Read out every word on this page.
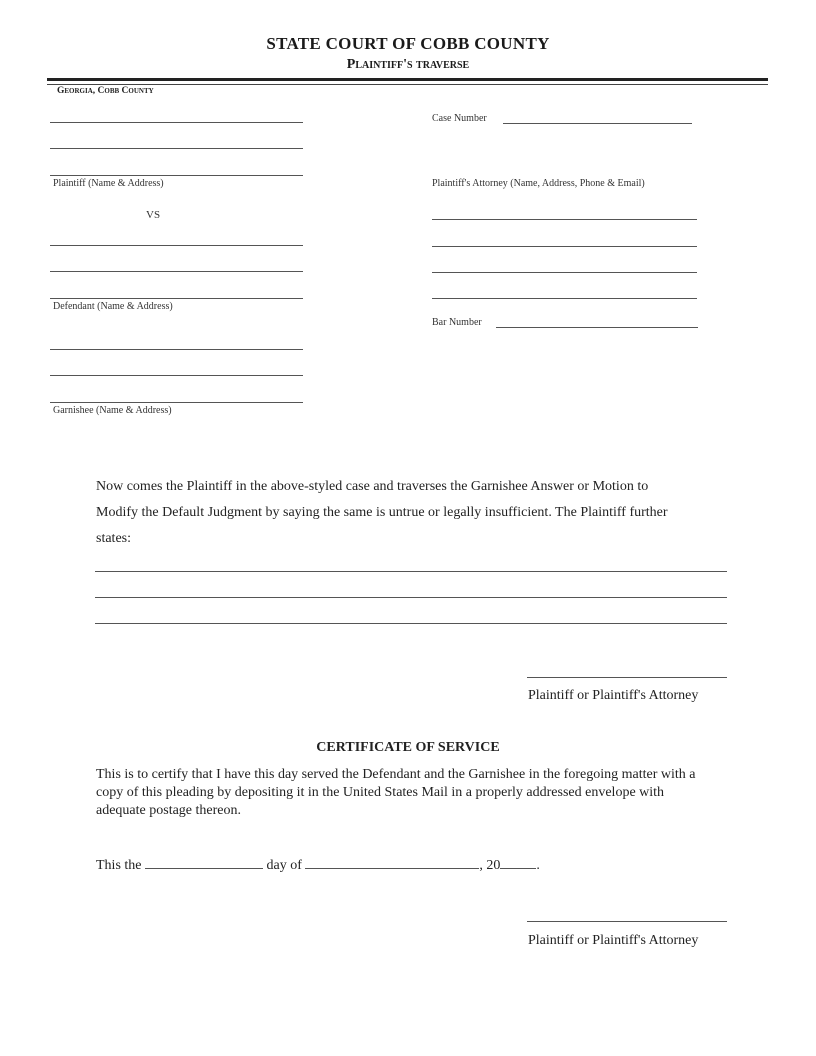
STATE COURT OF COBB COUNTY
Plaintiff's traverse
Georgia, Cobb County
Plaintiff (Name & Address)
VS
Defendant (Name & Address)
Garnishee (Name & Address)
Case Number
Plaintiff's Attorney (Name, Address, Phone & Email)
Bar Number
Now comes the Plaintiff in the above-styled case and traverses the Garnishee Answer or Motion to
Modify the Default Judgment by saying the same is untrue or legally insufficient. The Plaintiff further
states:
Plaintiff or Plaintiff's Attorney
CERTIFICATE OF SERVICE
This is to certify that I have this day served the Defendant and the Garnishee in the foregoing matter with a copy of this pleading by depositing it in the United States Mail in a properly addressed envelope with adequate postage thereon.
This the	day of	, 20	.
Plaintiff or Plaintiff's Attorney
